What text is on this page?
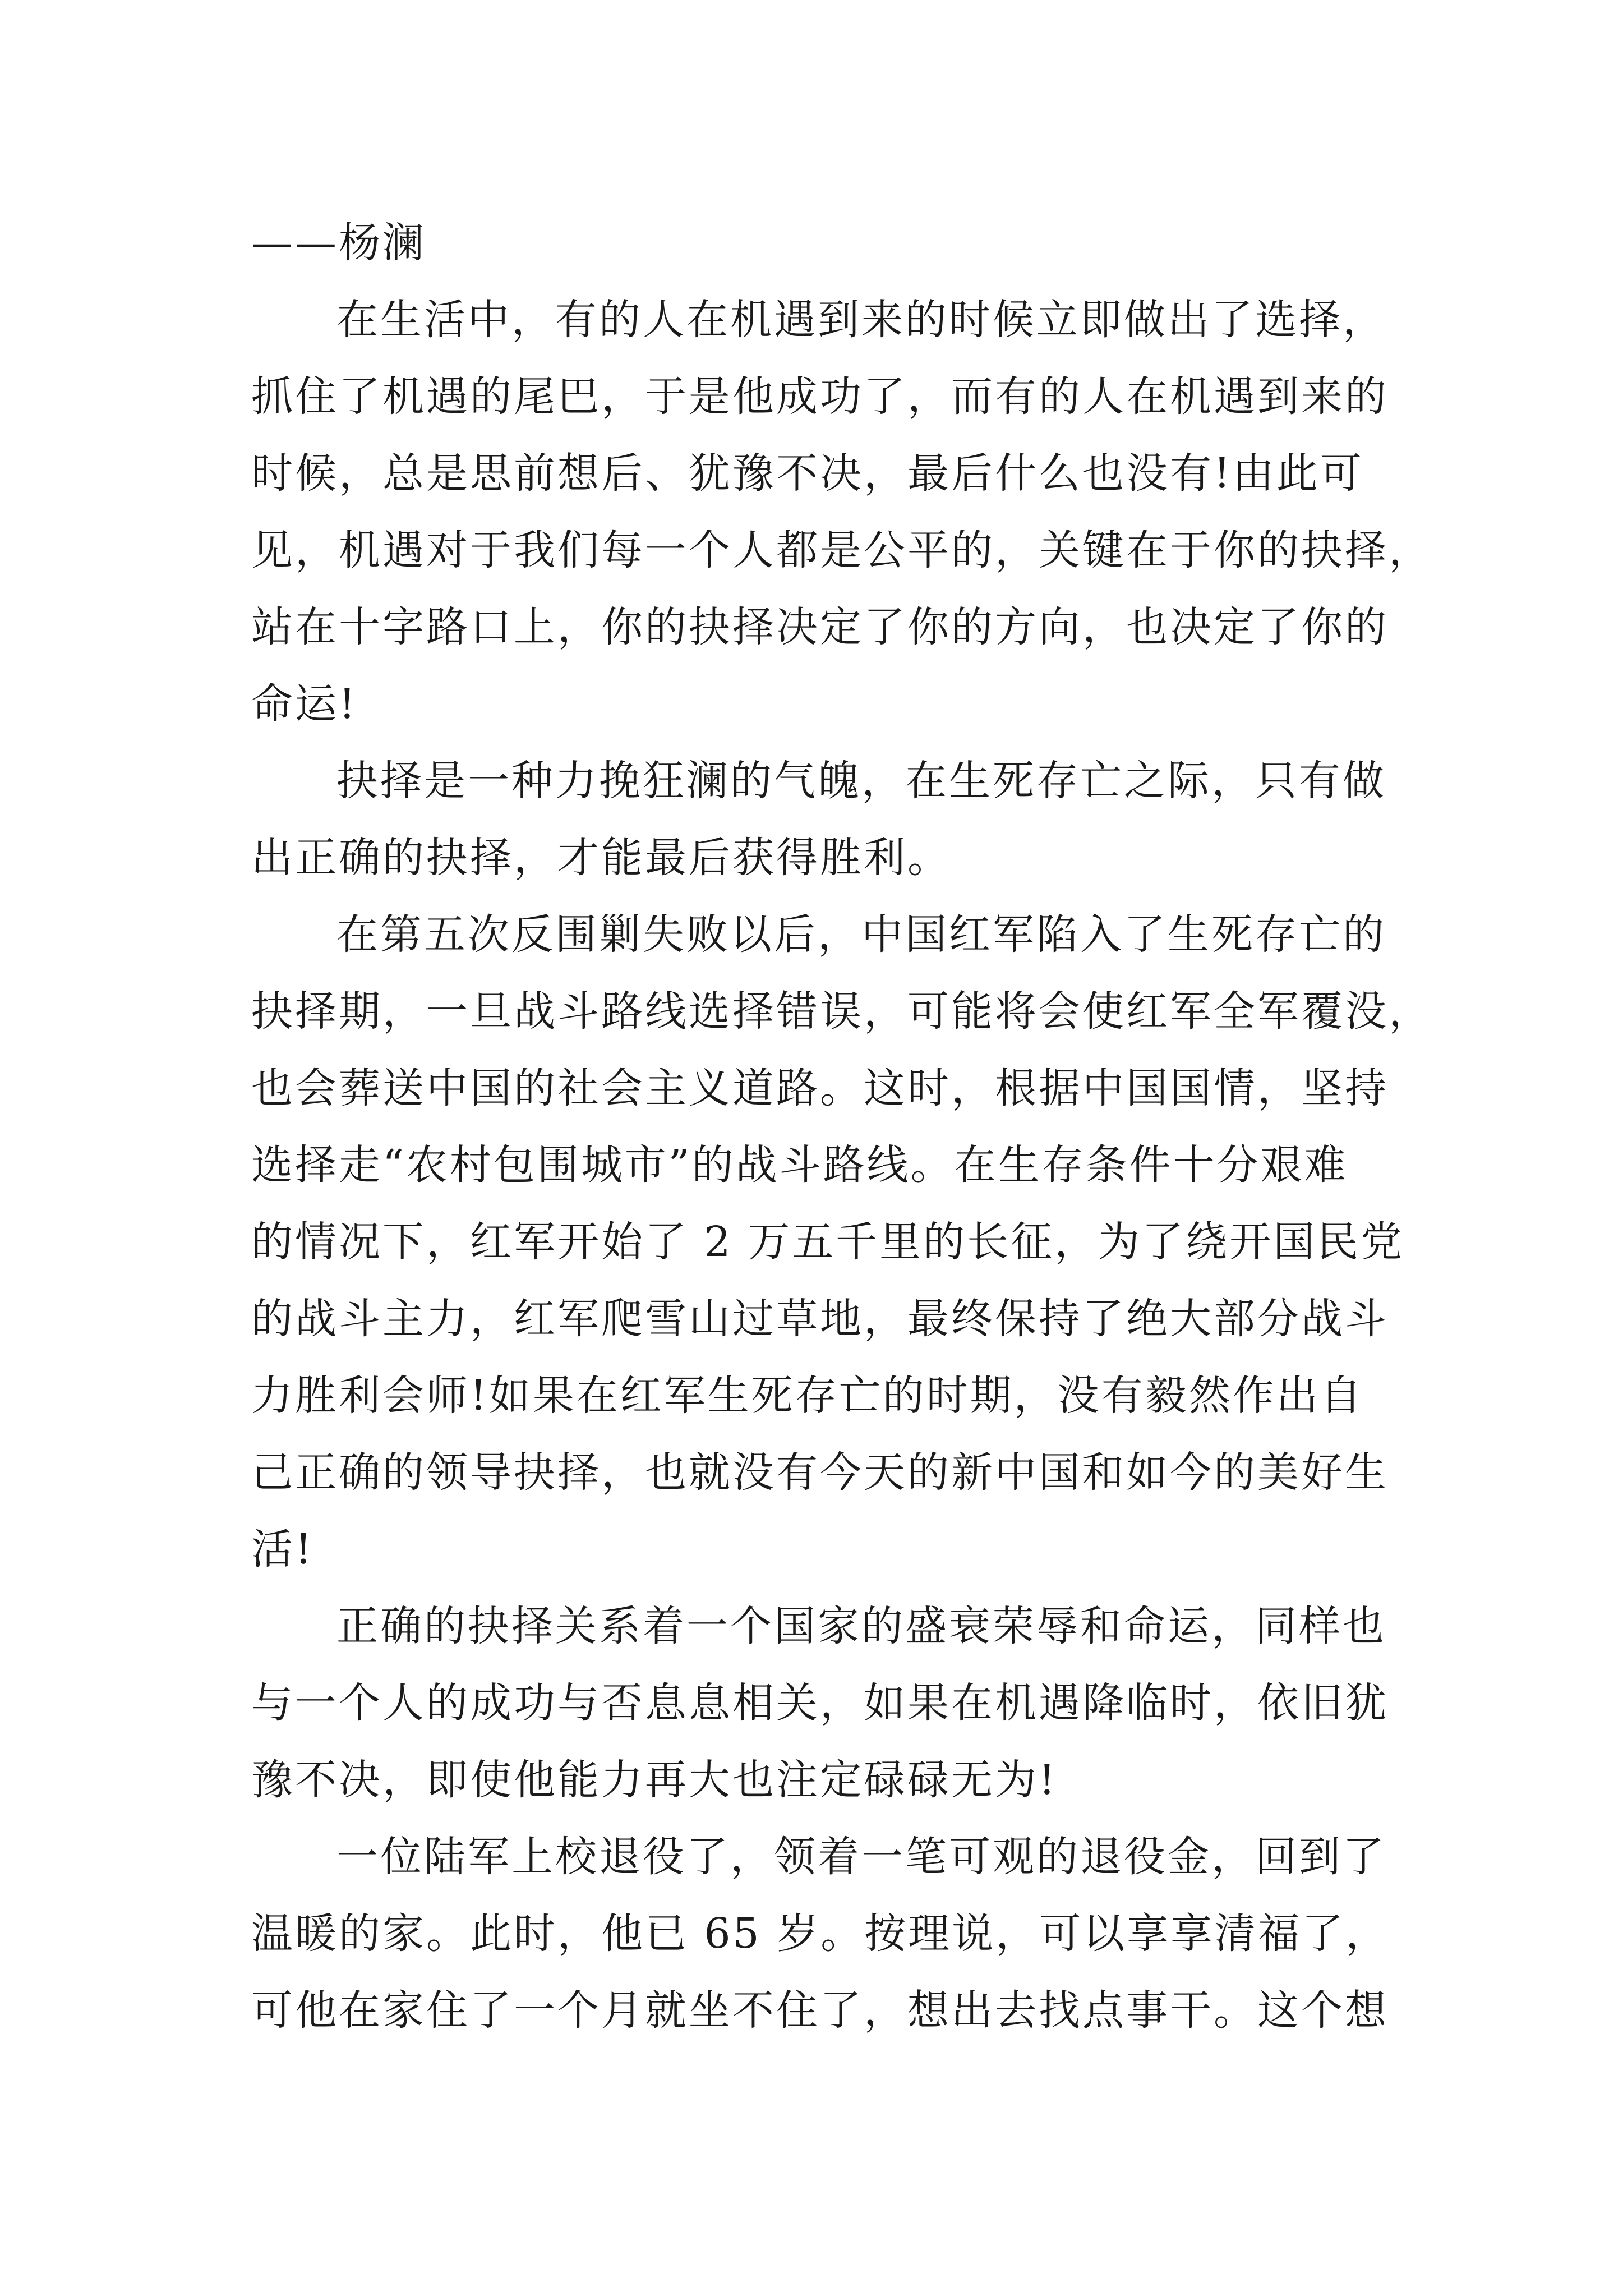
——杨澜
在生活中，有的人在机遇到来的时候立即做出了选择，
抓住了机遇的尾巴，于是他成功了，而有的人在机遇到来的
时候，总是思前想后、犹豫不决，最后什么也没有!由此可
见，机遇对于我们每一个人都是公平的，关键在于你的抉择，
站在十字路口上，你的抉择决定了你的方向，也决定了你的
命运!
抉择是一种力挽狂澜的气魄，在生死存亡之际，只有做
出正确的抉择，才能最后获得胜利。
在第五次反围剿失败以后，中国红军陷入了生死存亡的
抉择期，一旦战斗路线选择错误，可能将会使红军全军覆没，
也会葬送中国的社会主义道路。这时，根据中国国情，坚持
选择走“农村包围城市”的战斗路线。在生存条件十分艰难
的情况下，红军开始了 2 万五千里的长征，为了绕开国民党
的战斗主力，红军爬雪山过草地，最终保持了绝大部分战斗
力胜利会师!如果在红军生死存亡的时期，没有毅然作出自
己正确的领导抉择，也就没有今天的新中国和如今的美好生
活!
正确的抉择关系着一个国家的盛衰荣辱和命运，同样也
与一个人的成功与否息息相关，如果在机遇降临时，依旧犹
豫不决，即使他能力再大也注定碌碌无为!
一位陆军上校退役了，领着一笔可观的退役金，回到了
温暖的家。此时，他已 65 岁。按理说，可以享享清福了，
可他在家住了一个月就坐不住了，想出去找点事干。这个想
